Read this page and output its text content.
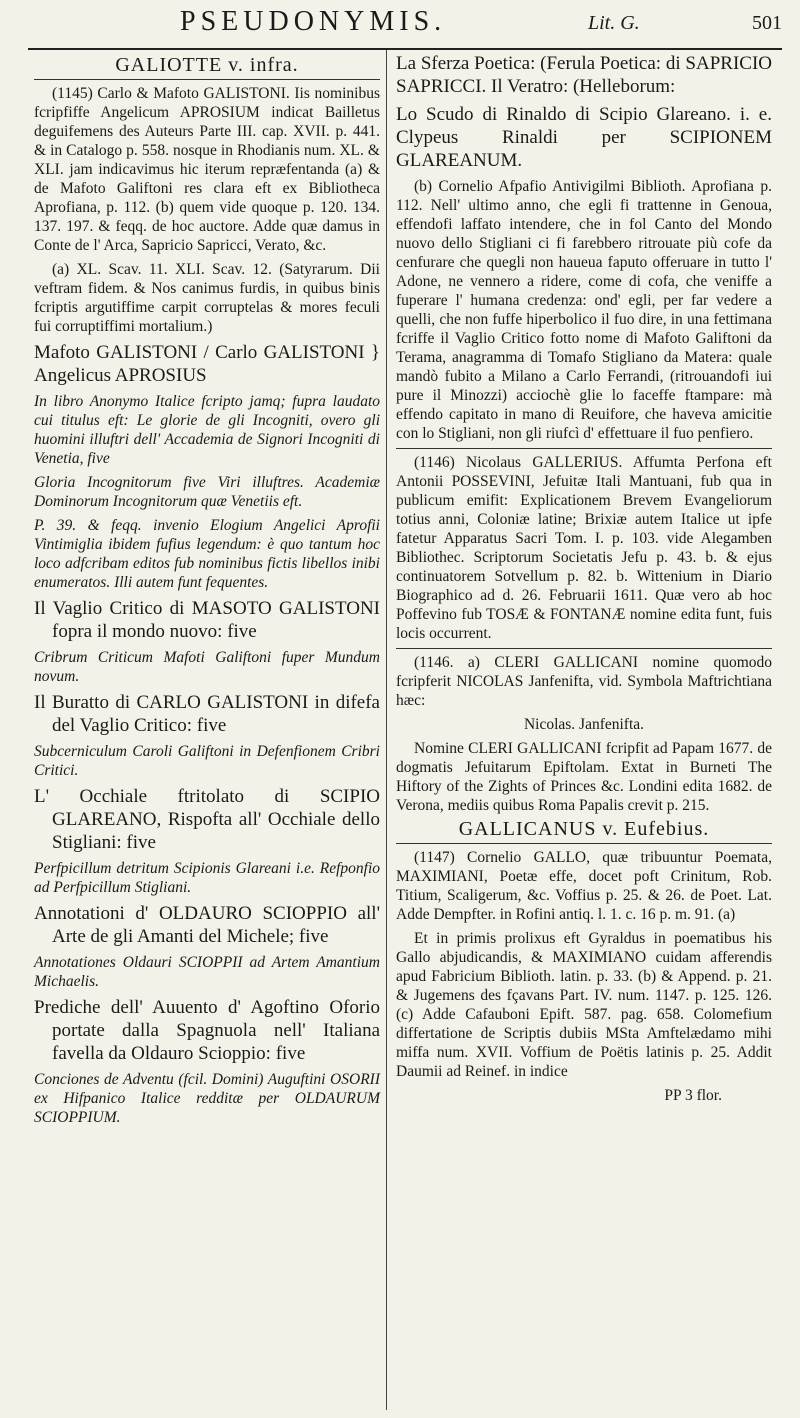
PSEUDONYMIS.	Lit. G.	501

GALIOTTE v. infra.

(1145) Carlo & Mafoto GALISTONI. Iis nominibus fcripfiffe Angelicum APROSIUM indicat Bailletus deguifemens des Auteurs Parte III. cap. XVII. p. 441. & in Catalogo p. 558. nosque in Rhodianis num. XL. & XLI. jam indicavimus hic iterum repræfentanda (a) & de Mafoto Galiftoni res clara eft ex Bibliotheca Aprofiana, p. 112. (b) quem vide quoque p. 120. 134. 137. 197. & feqq. de hoc auctore. Adde quæ damus in Conte de l' Arca, Sapricio Sapricci, Verato, &c.

(a) XL. Scav. 11. XLI. Scav. 12. (Satyrarum. Dii veftram fidem. & Nos canimus furdis, in quibus binis fcriptis argutiffime carpit corruptelas & mores feculi fui corruptiffimi mortalium.)

Mafoto GALISTONI / Carlo GALISTONI } Angelicus APROSIUS

In libro Anonymo Italice fcripto jamq; fupra laudato cui titulus eft: Le glorie de gli Incogniti, overo gli huomini illuftri dell' Accademia de Signori Incogniti di Venetia, five

Gloria Incognitorum five Viri illuftres. Academiæ Dominorum Incognitorum quæ Venetiis eft.

P. 39. & feqq. invenio Elogium Angelici Aprofii Vintimiglia ibidem fufius legendum: è quo tantum hoc loco adfcribam editos fub nominibus fictis libellos inibi enumeratos. Illi autem funt fequentes.

Il Vaglio Critico di MASOTO GALISTONI fopra il mondo nuovo: five

Cribrum Criticum Mafoti Galiftoni fuper Mundum novum.

Il Buratto di CARLO GALISTONI in difefa del Vaglio Critico: five

Subcerniculum Caroli Galiftoni in Defenfionem Cribri Critici.

L' Occhiale ftritolato di SCIPIO GLAREANO, Rispofta all' Occhiale dello Stigliani: five

Perfpicillum detritum Scipionis Glareani i.e. Refponfio ad Perfpicillum Stigliani.

Annotationi d' OLDAURO SCIOPPIO all' Arte de gli Amanti del Michele; five

Annotationes Oldauri SCIOPPII ad Artem Amantium Michaelis.

Prediche dell' Auuento d' Agoftino Oforio portate dalla Spagnuola nell' Italiana favella da Oldauro Scioppio: five

Conciones de Adventu (fcil. Domini) Auguftini OSORII ex Hifpanico Italice redditæ per OLDAURUM SCIOPPIUM.

La Sferza Poetica: (Ferula Poetica: di SAPRICIO SAPRICCI. Il Veratro: (Helleborum:

Lo Scudo di Rinaldo di Scipio Glareano. i. e. Clypeus Rinaldi per SCIPIONEM GLAREANUM.

(b) Cornelio Afpafio Antivigilmi Biblioth. Aprofiana p. 112. Nell' ultimo anno, che egli fi trattenne in Genoua, effendofi laffato intendere, che in fol Canto del Mondo nuovo dello Stigliani ci fi farebbero ritrouate più cofe da cenfurare che quegli non haueua faputo offeruare in tutto l' Adone, ne vennero a ridere, come di cofa, che veniffe a fuperare l' humana credenza: ond' egli, per far vedere a quelli, che non fuffe hiperbolico il fuo dire, in una fettimana fcriffe il Vaglio Critico fotto nome di Mafoto Galiftoni da Terama, anagramma di Tomafo Stigliano da Matera: quale mandò fubito a Milano a Carlo Ferrandi, (ritrouandofi iui pure il Minozzi) acciochè glie lo faceffe ftampare: mà effendo capitato in mano di Reuifore, che haveva amicitie con lo Stigliani, non gli riufcì d' effettuare il fuo penfiero.

(1146) Nicolaus GALLERIUS. Affumta Perfona eft Antonii POSSEVINI, Jefuitæ Itali Mantuani, fub qua in publicum emifit: Explicationem Brevem Evangeliorum totius anni, Coloniæ latine; Brixiæ autem Italice ut ipfe fatetur Apparatus Sacri Tom. I. p. 103. vide Alegamben Bibliothec. Scriptorum Societatis Jefu p. 43. b. & ejus continuatorem Sotvellum p. 82. b. Wittenium in Diario Biographico ad d. 26. Februarii 1611. Quæ vero ab hoc Poffevino fub TOSÆ & FONTANÆ nomine edita funt, fuis locis occurrent.

(1146. a) CLERI GALLICANI nomine quomodo fcripferit NICOLAS Janfenifta, vid. Symbola Maftrichtiana hæc:

Nicolas. Janfenifta.

Nomine CLERI GALLICANI fcripfit ad Papam 1677. de dogmatis Jefuitarum Epiftolam. Extat in Burneti The Hiftory of the Zights of Princes &c. Londini edita 1682. de Verona, mediis quibus Roma Papalis crevit p. 215.

GALLICANUS v. Eufebius.

(1147) Cornelio GALLO, quæ tribuuntur Poemata, MAXIMIANI, Poetæ effe, docet poft Crinitum, Rob. Titium, Scaligerum, &c. Voffius p. 25. & 26. de Poet. Lat. Adde Dempfter. in Rofini antiq. l. 1. c. 16 p. m. 91. (a)

Et in primis prolixus eft Gyraldus in poematibus his Gallo abjudicandis, & MAXIMIANO cuidam afferendis apud Fabricium Biblioth. latin. p. 33. (b) & Append. p. 21. & Jugemens des fçavans Part. IV. num. 1147. p. 125. 126. (c) Adde Cafauboni Epift. 587. pag. 658. Colomefium differtatione de Scriptis dubiis MSta Amftelædamo mihi miffa num. XVII. Voffium de Poëtis latinis p. 25. Addit Daumii ad Reinef. in indice

PP 3 flor.
